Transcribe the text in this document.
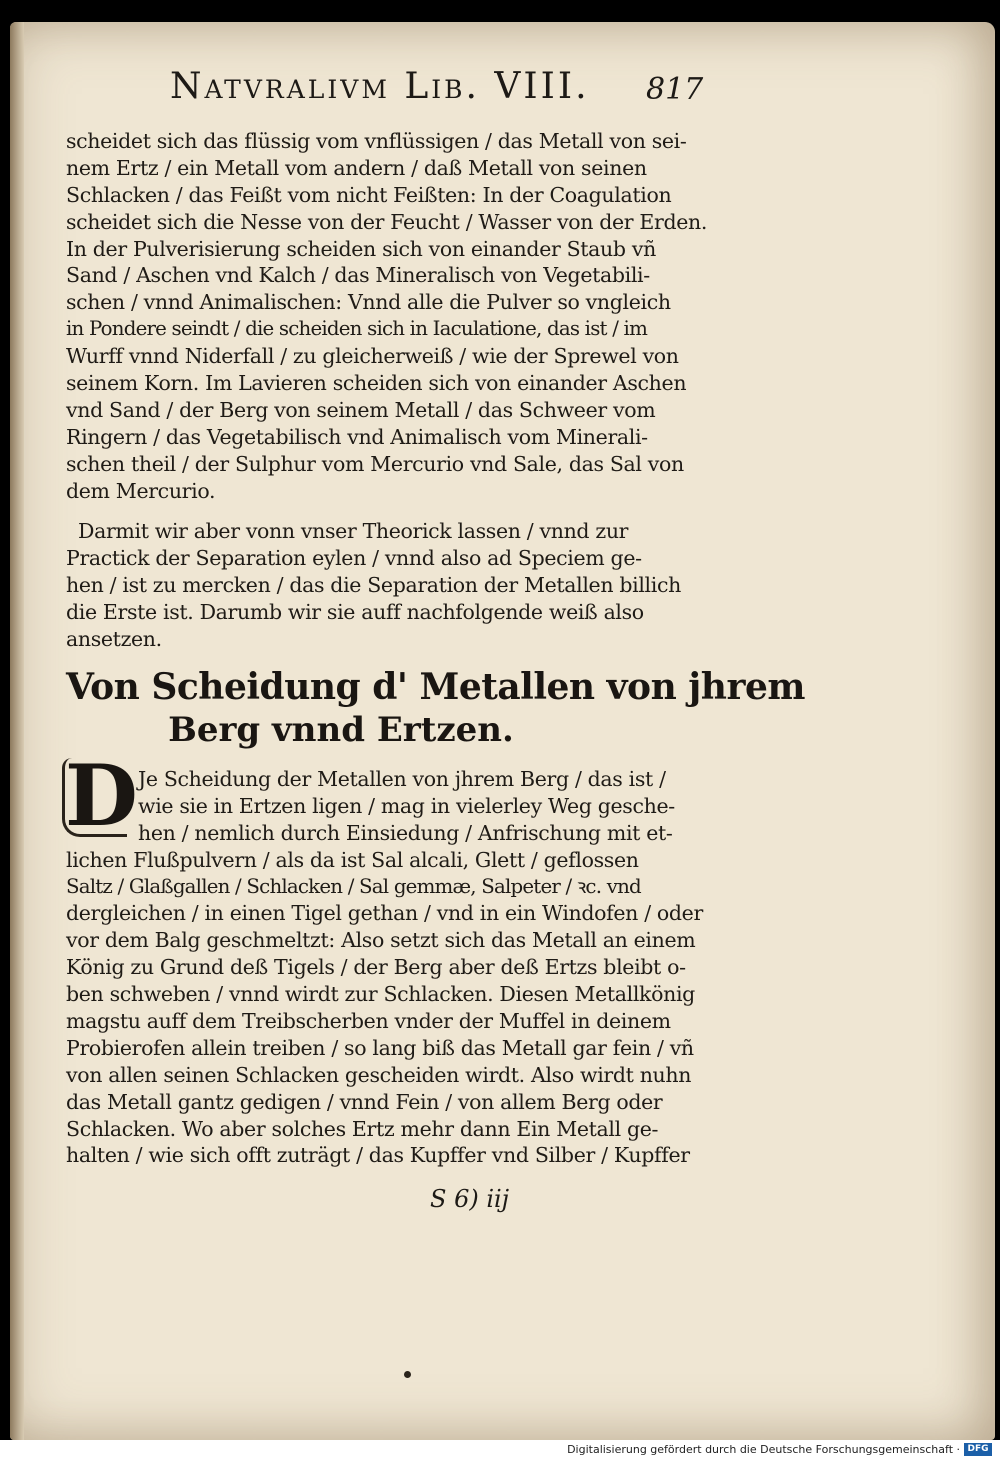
Natvralivm Lib. VIII.	817
scheidet sich das flüssig vom vnflüssigen / das Metall von sei-
nem Ertz / ein Metall vom andern / daß Metall von seinen
Schlacken / das Feißt vom nicht Feißten: In der Coagulation
scheidet sich die Nesse von der Feucht / Wasser von der Erden.
In der Pulverisierung scheiden sich von einander Staub vñ
Sand / Aschen vnd Kalch / das Mineralisch von Vegetabili-
schen / vnnd Animalischen: Vnnd alle die Pulver so vngleich
in Pondere seindt / die scheiden sich in Iaculatione, das ist / im
Wurff vnnd Niderfall / zu gleicherweiß / wie der Sprewel von
seinem Korn. Im Lavieren scheiden sich von einander Aschen
vnd Sand / der Berg von seinem Metall / das Schweer vom
Ringern / das Vegetabilisch vnd Animalisch vom Minerali-
schen theil / der Sulphur vom Mercurio vnd Sale, das Sal von
dem Mercurio.
Darmit wir aber vonn vnser Theorick lassen / vnnd zur
Practick der Separation eylen / vnnd also ad Speciem ge-
hen / ist zu mercken / das die Separation der Metallen billich
die Erste ist. Darumb wir sie auff nachfolgende weiß also
ansetzen.
Von Scheidung d' Metallen von jhrem
Berg vnnd Ertzen.
D Je Scheidung der Metallen von jhrem Berg / das ist /
wie sie in Ertzen ligen / mag in vielerley Weg gesche-
hen / nemlich durch Einsiedung / Anfrischung mit et-
lichen Flußpulvern / als da ist Sal alcali, Glett / geflossen
Saltz / Glaßgallen / Schlacken / Sal gemmæ, Salpeter / ꝛc. vnd
dergleichen / in einen Tigel gethan / vnd in ein Windofen / oder
vor dem Balg geschmeltzt: Also setzt sich das Metall an einem
König zu Grund deß Tigels / der Berg aber deß Ertzs bleibt o-
ben schweben / vnnd wirdt zur Schlacken. Diesen Metallkönig
magstu auff dem Treibscherben vnder der Muffel in deinem
Probierofen allein treiben / so lang biß das Metall gar fein / vñ
von allen seinen Schlacken gescheiden wirdt. Also wirdt nuhn
das Metall gantz gedigen / vnnd Fein / von allem Berg oder
Schlacken. Wo aber solches Ertz mehr dann Ein Metall ge-
halten / wie sich offt zuträgt / das Kupffer vnd Silber / Kupffer
S 6) iij
Digitalisierung gefördert durch die Deutsche Forschungsgemeinschaft · DFG
